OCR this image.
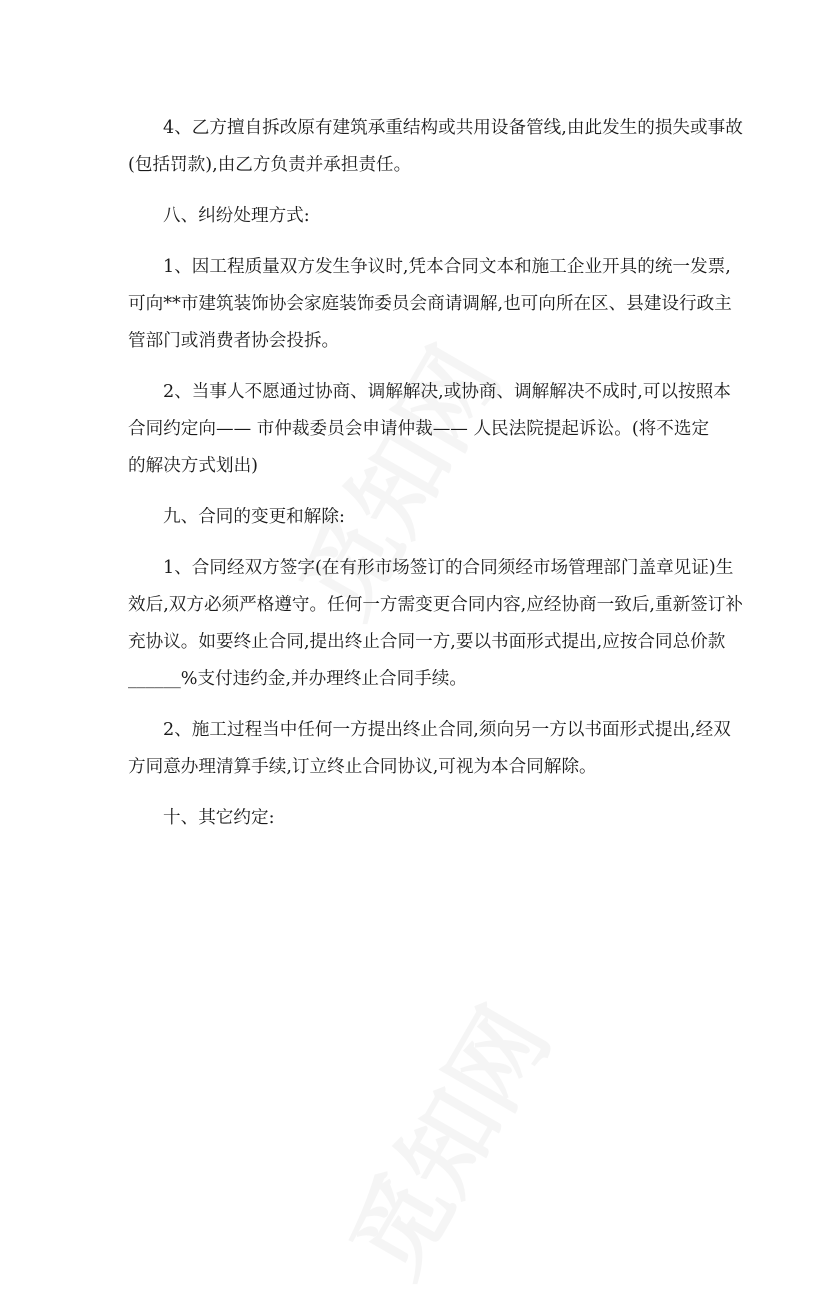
4、乙方擅自拆改原有建筑承重结构或共用设备管线,由此发生的损失或事故
(包括罚款),由乙方负责并承担责任。
八、纠纷处理方式:
1、因工程质量双方发生争议时,凭本合同文本和施工企业开具的统一发票,
可向**市建筑装饰协会家庭装饰委员会商请调解,也可向所在区、县建设行政主
管部门或消费者协会投拆。
2、当事人不愿通过协商、调解解决,或协商、调解解决不成时,可以按照本
合同约定向—— 市仲裁委员会申请仲裁—— 人民法院提起诉讼。(将不选定
的解决方式划出)
九、合同的变更和解除:
1、合同经双方签字(在有形市场签订的合同须经市场管理部门盖章见证)生
效后,双方必须严格遵守。任何一方需变更合同内容,应经协商一致后,重新签订补
充协议。如要终止合同,提出终止合同一方,要以书面形式提出,应按合同总价款
______%支付违约金,并办理终止合同手续。
2、施工过程当中任何一方提出终止合同,须向另一方以书面形式提出,经双
方同意办理清算手续,订立终止合同协议,可视为本合同解除。
十、其它约定:
